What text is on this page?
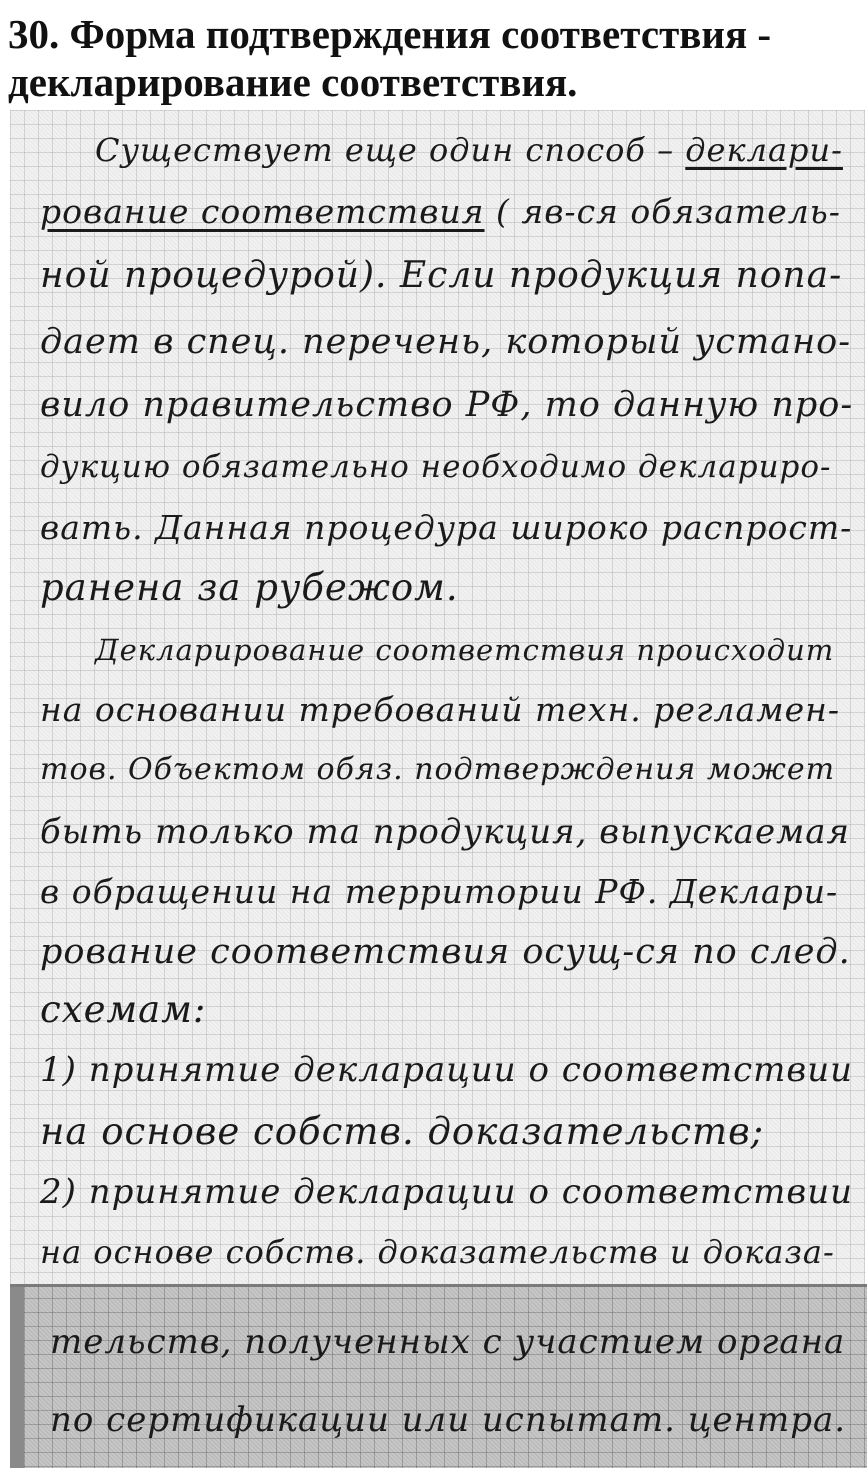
30. Форма подтверждения соответствия -
декларирование соответствия.
Существует еще один способ – деклари-
рование соответствия ( яв-ся обязатель-
ной процедурой). Если продукция попа-
дает в спец. перечень, который устано-
вило правительство РФ, то данную про-
дукцию обязательно необходимо деклариро-
вать. Данная процедура широко распрост-
ранена за рубежом.
Декларирование соответствия происходит
на основании требований техн. регламен-
тов. Объектом обяз. подтверждения может
быть только та продукция, выпускаемая
в обращении на территории РФ. Деклари-
рование соответствия осущ-ся по след.
схемам:
1) принятие декларации о соответствии
на основе собств. доказательств;
2) принятие декларации о соответствии
на основе собств. доказательств и доказа-
тельств, полученных с участием органа
по сертификации или испытат. центра.
